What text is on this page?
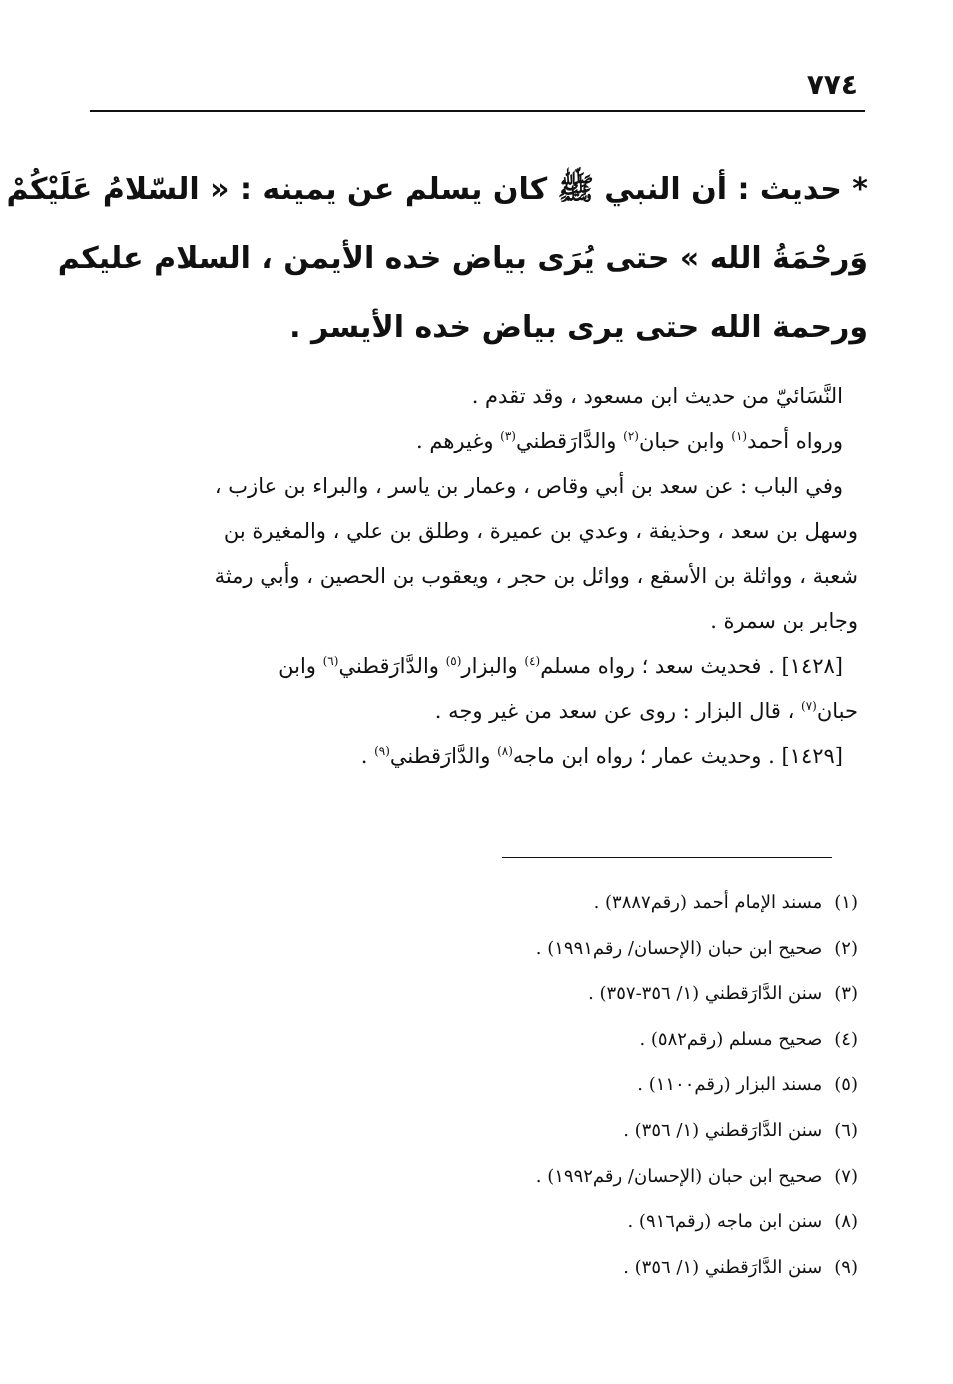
٧٧٤
* حديث : أن النبي ﷺ كان يسلم عن يمينه : « السّلامُ عَلَيْكُمْ
وَرحْمَةُ الله » حتى يُرَى بياض خده الأيمن ، السلام عليكم
ورحمة الله حتى يرى بياض خده الأيسر .
النَّسَائيّ من حديث ابن مسعود ، وقد تقدم .
ورواه أحمد$^{(١)}$ وابن حبان$^{(٢)}$ والدَّارَقطني$^{(٣)}$ وغيرهم .
وفي الباب : عن سعد بن أبي وقاص ، وعمار بن ياسر ، والبراء بن عازب ،
وسهل بن سعد ، وحذيفة ، وعدي بن عميرة ، وطلق بن علي ، والمغيرة بن
شعبة ، وواثلة بن الأسقع ، ووائل بن حجر ، ويعقوب بن الحصين ، وأبي رمثة
وجابر بن سمرة .
[١٤٢٨] . فحديث سعد ؛ رواه مسلم$^{(٤)}$ والبزار$^{(٥)}$ والدَّارَقطني$^{(٦)}$ وابن
حبان$^{(٧)}$ ، قال البزار : روى عن سعد من غير وجه .
[١٤٢٩] . وحديث عمار ؛ رواه ابن ماجه$^{(٨)}$ والدَّارَقطني$^{(٩)}$ .
(١)مسند الإمام أحمد (رقم٣٨٨٧) .
(٢)صحيح ابن حبان (الإحسان/ رقم١٩٩١) .
(٣)سنن الدَّارَقطني (١/ ٣٥٦-٣٥٧) .
(٤)صحيح مسلم (رقم٥٨٢) .
(٥)مسند البزار (رقم١١٠٠) .
(٦)سنن الدَّارَقطني (١/ ٣٥٦) .
(٧)صحيح ابن حبان (الإحسان/ رقم١٩٩٢) .
(٨)سنن ابن ماجه (رقم٩١٦) .
(٩)سنن الدَّارَقطني (١/ ٣٥٦) .
